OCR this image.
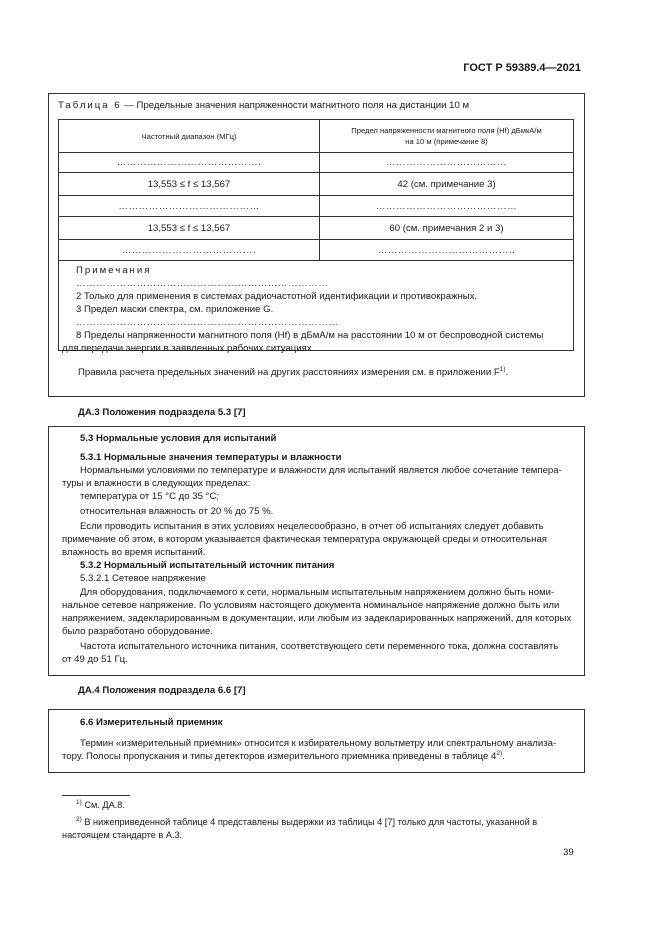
ГОСТ Р 59389.4—2021
Таблица 6 — Предельные значения напряженности магнитного поля на дистанции 10 м
Частотный диапазон (МГц)	Предел напряженности магнитного поля (Hf) дБмкА/м
на 10 м (примечание 8)

…………………………………….	………………………………
13,553 ≤ f ≤ 13,567	42 (см. примечание 3)
……………………………………	……………………………………
13,553 ≤ f ≤ 13,567	60 (см. примечания 2 и 3)
………………………………….	…………………………………..
Примечания
…………………………………………………………………
2 Только для применения в системах радиочастотной идентификации и противокражных.
3 Предел маски спектра, см. приложение G.
……………………………………………………………………
8 Пределы напряженности магнитного поля (Hf) в дБмА/м на расстоянии 10 м от беспроводной системы
для передачи энергии в заявленных рабочих ситуациях
Правила расчета предельных значений на других расстояниях измерения см. в приложении $F^{1)}$.
ДА.3 Положения подраздела 5.3 [7]

5.3 Нормальные условия для испытаний

5.3.1 Нормальные значения температуры и влажности

Нормальными условиями по температуре и влажности для испытаний является любое сочетание темпера-

туры и влажности в следующих пределах:

температура от 15 °С до 35 °С;

относительная влажность от 20 % до 75 %.

Если проводить испытания в этих условиях нецелесообразно, в отчет об испытаниях следует добавить

примечание об этом, в котором указывается фактическая температура окружающей среды и относительная

влажность во время испытаний.

5.3.2 Нормальный испытательный источник питания

5.3.2.1 Сетевое напряжение

Для оборудования, подключаемого к сети, нормальным испытательным напряжением должно быть номи-

нальное сетевое напряжение. По условиям настоящего документа номинальное напряжение должно быть или

напряжением, задекларированным в документации, или любым из задекларированных напряжений, для которых

было разработано оборудование.

Частота испытательного источника питания, соответствующего сети переменного тока, должна составлять

от 49 до 51 Гц.

ДА.4 Положения подраздела 6.6 [7]

6.6 Измерительный приемник

Термин «измерительный приемник» относится к избирательному вольтметру или спектральному анализа-

тору. Полосы пропускания и типы детекторов измерительного приемника приведены в таблице 4$^{2)}$.

$^{1)}$ См. ДА.8.

$^{2)}$ В нижеприведенной таблице 4 представлены выдержки из таблицы 4 [7] только для частоты, указанной в

настоящем стандарте в А.3.

39
